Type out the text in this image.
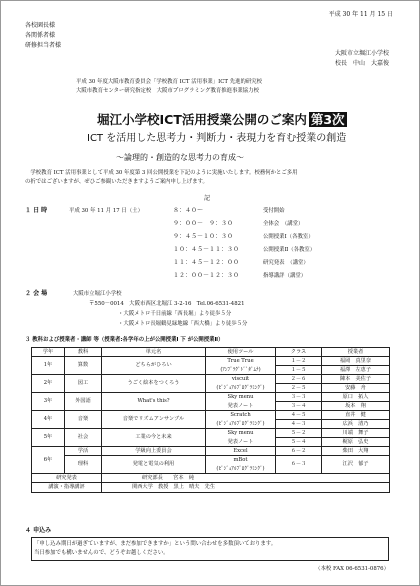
平成 30 年 11 月 15 日
各校園長様
各関係者様
研修担当者様
大阪市立堀江小学校
校長　中山　大嘉俊
平成 30 年度大阪市教育委員会「学校教育 ICT 活用事業」ICT 先進的研究校
大阪市教育センター研究指定校　大阪市プログラミング教育推進事業協力校
堀江小学校ICT活用授業公開のご案内 第3次
ICT を活用した思考力・判断力・表現力を育む授業の創造
～論理的・創造的な思考力の育成～
　学校教育 ICT 活用事業として平成 30 年度第 3 回公開授業を下記のように実施いたします。校務何かとご多用
の折ではございますが、ぜひご参観いただきますようご案内申し上げます。
記
１ 日 時	平成 30 年 11 月 17 日（土）	８：４０～	受付開始
９：００－　９：３０	全体会　（講堂）
９：４５－１０：３０	公開授業Ⅰ（各教室）
１０：４５－１１：３０	公開授業Ⅱ（各教室）
１１：４５－１２：００	研究発表　（講堂）
１２：００－１２：３０	指導講評（講堂）
２ 会 場	大阪市立堀江小学校
〒550－0014　大阪市西区北堀江 3-2-16　Tel.06-6531-4821
・大阪メトロ千日前線「西長堀」より徒歩５分
・大阪メトロ長堀鶴見緑地線「西大橋」より徒歩５分
３ 教科および授業者・講師 等（授業者:各学年の上が公開授業Ⅰ 下 が公開授業Ⅱ）
学年	教科	単元名	使用ツール	クラス	授業者
1年	算数	どちらがひろい	True True	１－２	福岡　真里奈
			(ｱﾝﾌﾟﾗｸﾞﾄﾞﾞﾀﾞﾑﾅ)	１－５	福澤　左恵子
2年	図工	うごく絵本をつくろう	viscuit	２－６	陳本　美佐子
			(ﾋﾞｼﾞｭｱﾙﾌﾟﾛｸﾞﾗﾐﾝｸﾞ)	２－５	安藤　舟
3年	外国語	What's this?	Sky menu	３－３	原口　拓人
			発表ノート	３－４	坂本　翔
4年	音楽	音楽でリズムアンサンブル	Scratch	４－５	直井　健
			(ﾋﾞｼﾞｭｱﾙﾌﾟﾛｸﾞﾗﾐﾝｸﾞ)	４－３	広浜　清乃
5年	社会	工業の今と未来	Sky menu	５－２	川端　舞子
			発表ノート	５－４	梶原　弘史
6年	学活	学級向上委員会	Excel	６－２	柴田　大翔
	理科	発電と電気の利用	mBot	６－３	江沢　郁子
			(ﾋﾞｼﾞｭｱﾙﾌﾟﾛｸﾞﾗﾐﾝｸﾞ)		
研究発表		研究部長　　宮本　純			
講演・指導講評		関西大学　教授　黒上　晴夫　先生			
４ 申込み
「申し込み期日が過ぎていますが、まだ参加できますか」という問い合わせを多数頂いております。
当日参加でも構いませんので、どうぞお越しください。
（本校 FAX 06-6531-0876）
